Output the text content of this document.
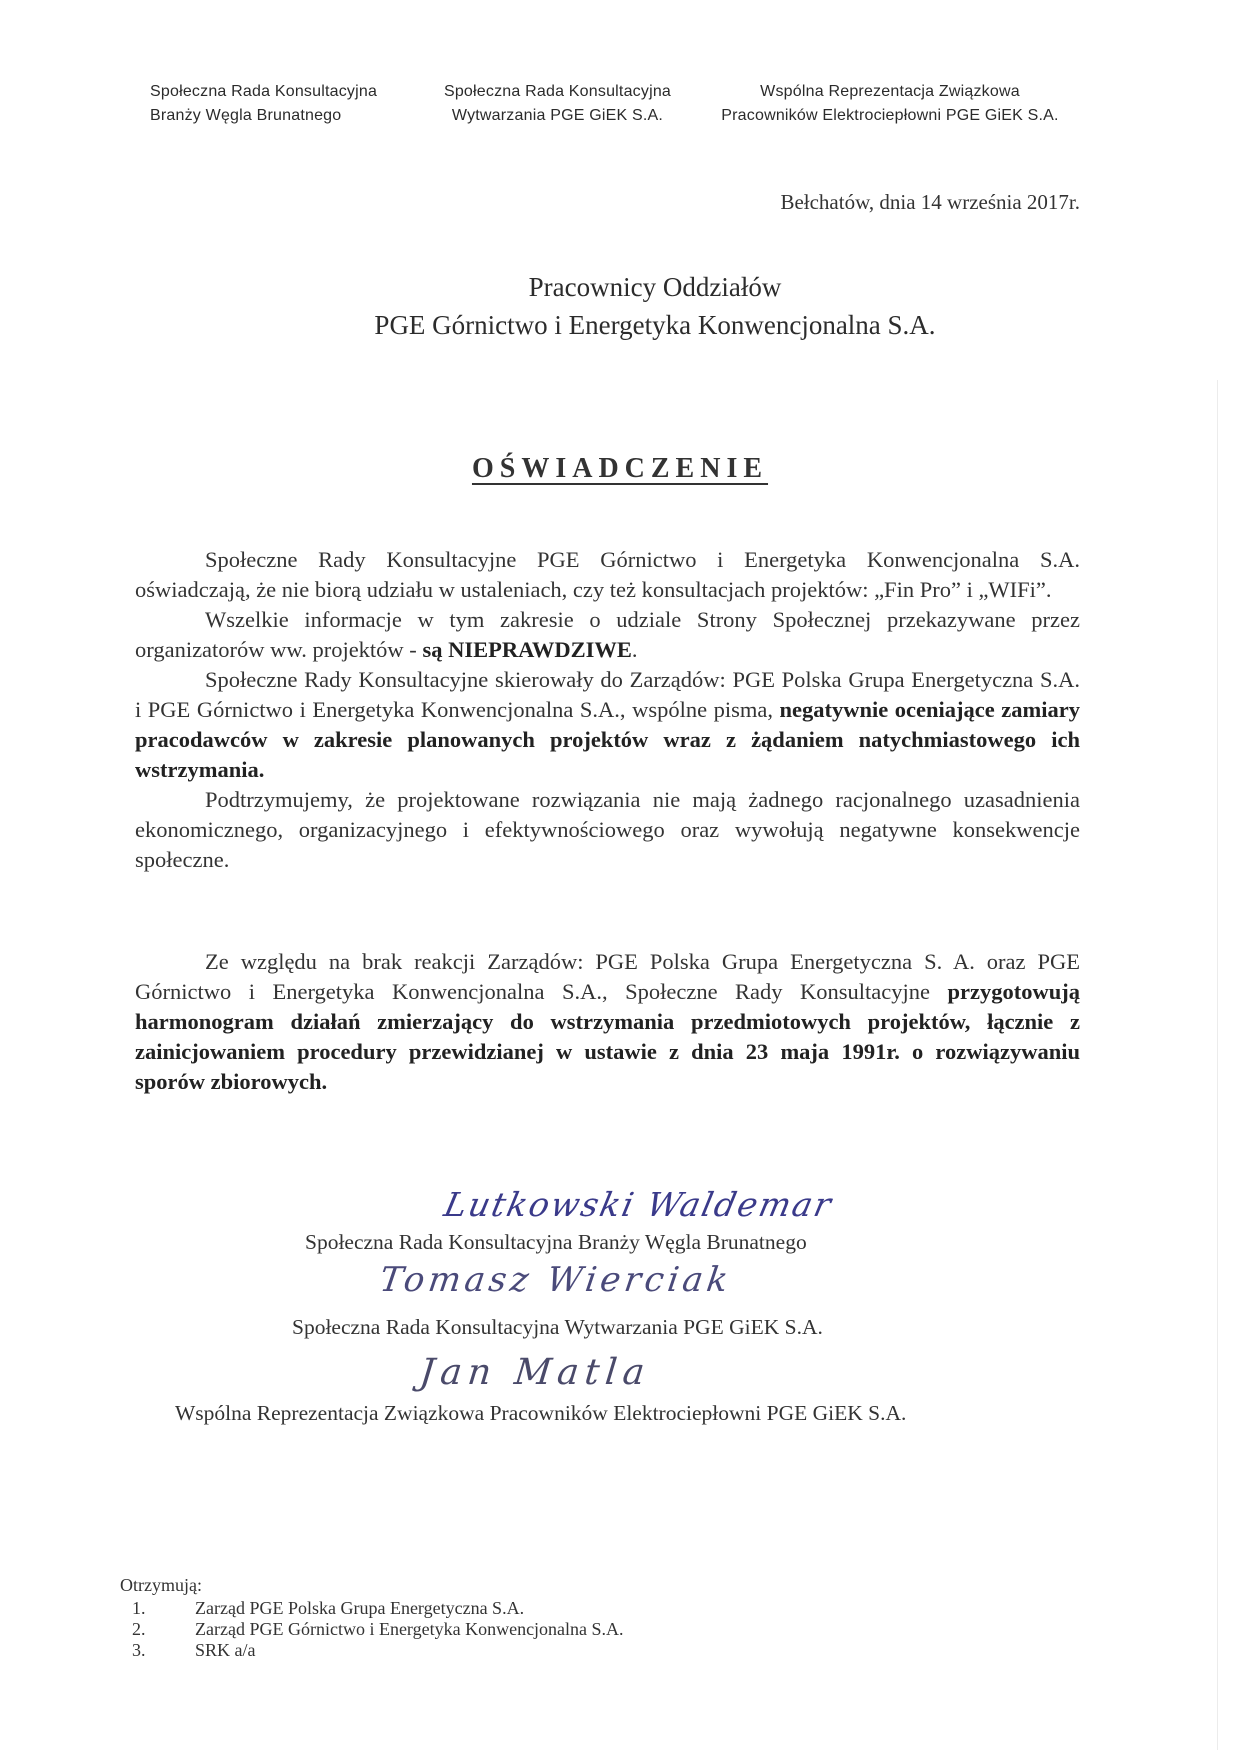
Społeczna Rada Konsultacyjna
Branży Węgla Brunatnego
Społeczna Rada Konsultacyjna
Wytwarzania PGE GiEK S.A.
Wspólna Reprezentacja Związkowa
Pracowników Elektrociepłowni PGE GiEK S.A.
Bełchatów, dnia 14 września 2017r.
Pracownicy Oddziałów
PGE Górnictwo i Energetyka Konwencjonalna S.A.
OŚWIADCZENIE

Społeczne Rady Konsultacyjne PGE Górnictwo i Energetyka Konwencjonalna S.A. oświadczają, że nie biorą udziału w ustaleniach, czy też konsultacjach projektów: „Fin Pro” i „WIFi”.

Wszelkie informacje w tym zakresie o udziale Strony Społecznej przekazywane przez organizatorów ww. projektów - są NIEPRAWDZIWE.

Społeczne Rady Konsultacyjne skierowały do Zarządów: PGE Polska Grupa Energetyczna S.A. i PGE Górnictwo i Energetyka Konwencjonalna S.A., wspólne pisma, negatywnie oceniające zamiary pracodawców w zakresie planowanych projektów wraz z żądaniem natychmiastowego ich wstrzymania.

Podtrzymujemy, że projektowane rozwiązania nie mają żadnego racjonalnego uzasadnienia ekonomicznego, organizacyjnego i efektywnościowego oraz wywołują negatywne konsekwencje społeczne.

Ze względu na brak reakcji Zarządów: PGE Polska Grupa Energetyczna S. A. oraz PGE Górnictwo i Energetyka Konwencjonalna S.A., Społeczne Rady Konsultacyjne przygotowują harmonogram działań zmierzający do wstrzymania przedmiotowych projektów, łącznie z zainicjowaniem procedury przewidzianej w ustawie z dnia 23 maja 1991r. o rozwiązywaniu sporów zbiorowych.

Lutkowski Waldemar
Społeczna Rada Konsultacyjna Branży Węgla Brunatnego
Tomasz Wierciak
Społeczna Rada Konsultacyjna Wytwarzania PGE GiEK S.A.
Jan Matla
Wspólna Reprezentacja Związkowa Pracowników Elektrociepłowni PGE GiEK S.A.
Otrzymują:
1.	Zarząd PGE Polska Grupa Energetyczna S.A.
2.	Zarząd PGE Górnictwo i Energetyka Konwencjonalna S.A.
3.	SRK a/a
